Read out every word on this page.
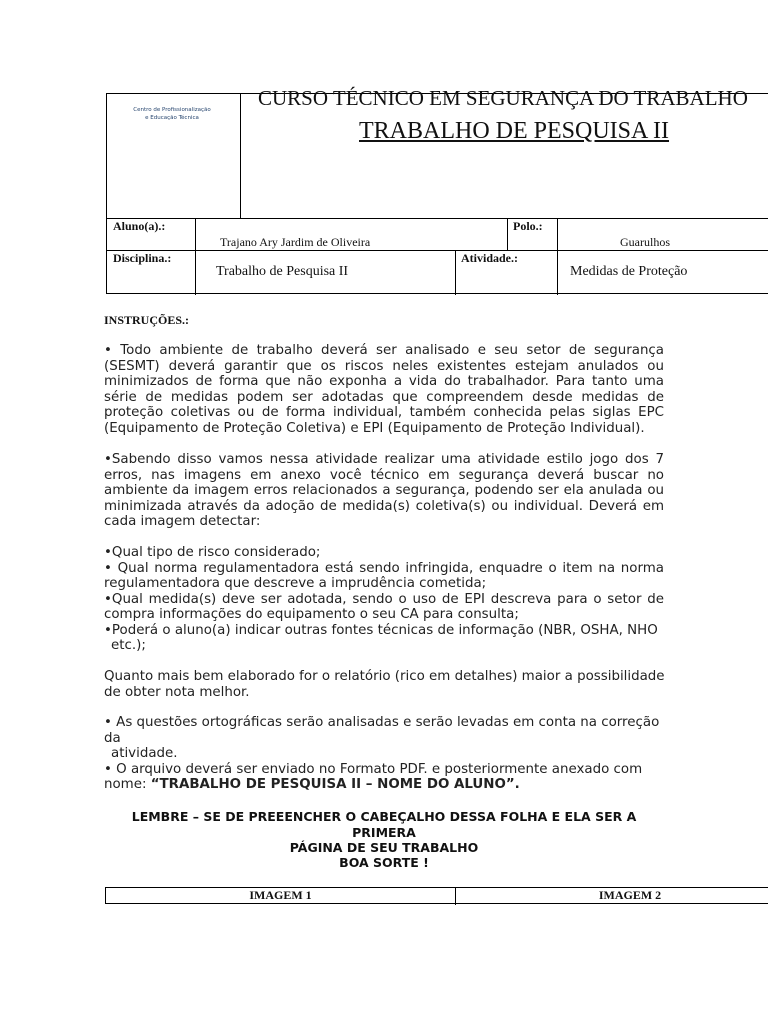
Centro de Profissionalização
e Educação Técnica
CURSO TÉCNICO EM SEGURANÇA DO TRABALHO
TRABALHO DE PESQUISA II
Aluno(a).:
Trajano Ary Jardim de Oliveira
Polo.:
Guarulhos
Disciplina.:
Trabalho de Pesquisa II
Atividade.:
Medidas de Proteção
INSTRUÇÕES.:
• Todo ambiente de trabalho deverá ser analisado e seu setor de segurança (SESMT) deverá garantir que os riscos neles existentes estejam anulados ou minimizados de forma que não exponha a vida do trabalhador. Para tanto uma série de medidas podem ser adotadas que compreendem desde medidas de proteção coletivas ou de forma individual, também conhecida pelas siglas EPC (Equipamento de Proteção Coletiva) e EPI (Equipamento de Proteção Individual).
•Sabendo disso vamos nessa atividade realizar uma atividade estilo jogo dos 7 erros, nas imagens em anexo você técnico em segurança deverá buscar no ambiente da imagem erros relacionados a segurança, podendo ser ela anulada ou minimizada através da adoção de medida(s) coletiva(s) ou individual. Deverá em cada imagem detectar:
•Qual tipo de risco considerado;
• Qual norma regulamentadora está sendo infringida, enquadre o item na norma regulamentadora que descreve a imprudência cometida;
•Qual medida(s) deve ser adotada, sendo o uso de EPI descreva para o setor de compra informações do equipamento o seu CA para consulta;
•Poderá o aluno(a) indicar outras fontes técnicas de informação (NBR, OSHA, NHO
etc.);
Quanto mais bem elaborado for o relatório (rico em detalhes) maior a possibilidade de obter nota melhor.
• As questões ortográficas serão analisadas e serão levadas em conta na correção da
atividade.
• O arquivo deverá ser enviado no Formato PDF. e posteriormente anexado com
nome: “TRABALHO DE PESQUISA II – NOME DO ALUNO”.
LEMBRE – SE DE PREEENCHER O CABEÇALHO DESSA FOLHA E ELA SER A PRIMERA
PÁGINA DE SEU TRABALHO
BOA SORTE !
IMAGEM 1	IMAGEM 2
